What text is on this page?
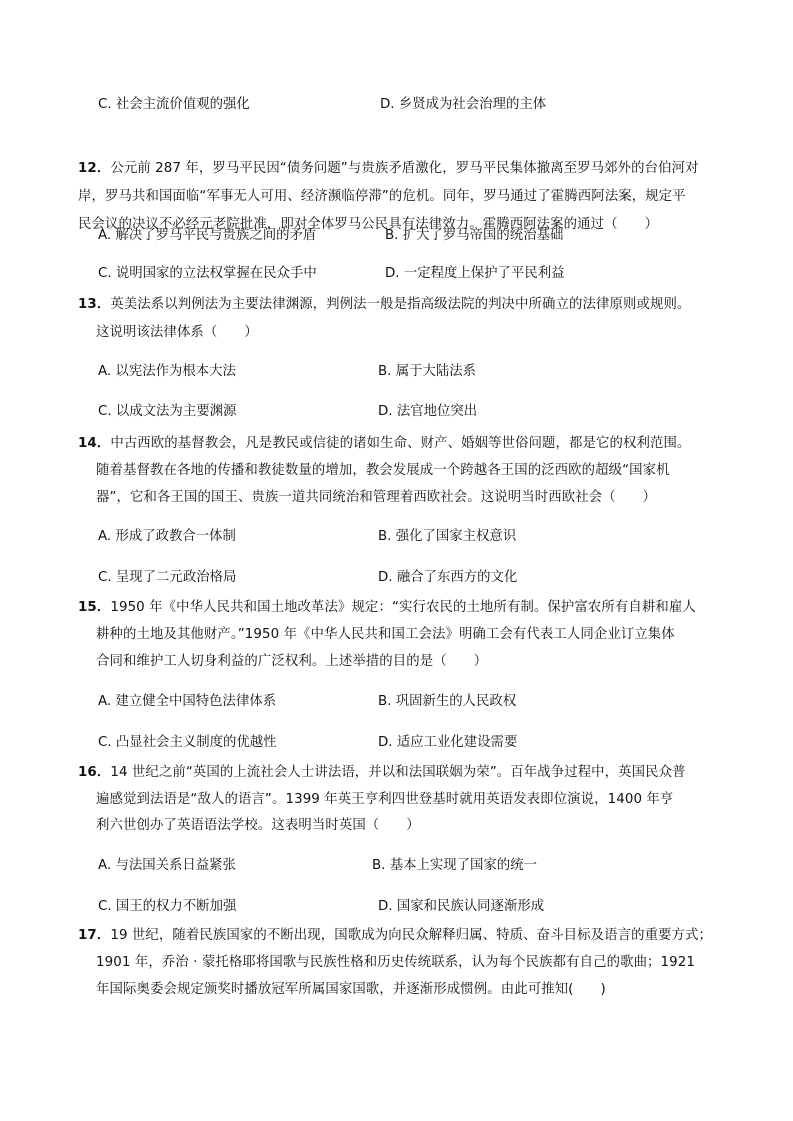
C. 社会主流价值观的强化	D. 乡贤成为社会治理的主体
12．公元前 287 年，罗马平民因“债务问题”与贵族矛盾激化，罗马平民集体撤离至罗马郊外的台伯河对
岸，罗马共和国面临“军事无人可用、经济濒临停滞”的危机。同年，罗马通过了霍腾西阿法案，规定平
民会议的决议不必经元老院批准，即对全体罗马公民具有法律效力。霍腾西阿法案的通过（　　）
A. 解决了罗马平民与贵族之间的矛盾	B. 扩大了罗马帝国的统治基础
C. 说明国家的立法权掌握在民众手中	D. 一定程度上保护了平民利益
13．英美法系以判例法为主要法律渊源，判例法一般是指高级法院的判决中所确立的法律原则或规则。
这说明该法律体系（　　）
A. 以宪法作为根本大法	B. 属于大陆法系
C. 以成文法为主要渊源	D. 法官地位突出
14．中古西欧的基督教会，凡是教民或信徒的诸如生命、财产、婚姻等世俗问题，都是它的权利范围。
随着基督教在各地的传播和教徒数量的增加，教会发展成一个跨越各王国的泛西欧的超级“国家机
器”，它和各王国的国王、贵族一道共同统治和管理着西欧社会。这说明当时西欧社会（　　）
A. 形成了政教合一体制	B. 强化了国家主权意识
C. 呈现了二元政治格局	D. 融合了东西方的文化
15．1950 年《中华人民共和国土地改革法》规定：“实行农民的土地所有制。保护富农所有自耕和雇人
耕种的土地及其他财产。”1950 年《中华人民共和国工会法》明确工会有代表工人同企业订立集体
合同和维护工人切身利益的广泛权利。上述举措的目的是（　　）
A. 建立健全中国特色法律体系	B. 巩固新生的人民政权
C. 凸显社会主义制度的优越性	D. 适应工业化建设需要
16．14 世纪之前“英国的上流社会人士讲法语，并以和法国联姻为荣”。百年战争过程中，英国民众普
遍感觉到法语是“敌人的语言”。1399 年英王亨利四世登基时就用英语发表即位演说，1400 年亨
利六世创办了英语语法学校。这表明当时英国（　　）
A. 与法国关系日益紧张	B. 基本上实现了国家的统一
C. 国王的权力不断加强	D. 国家和民族认同逐渐形成
17．19 世纪，随着民族国家的不断出现，国歌成为向民众解释归属、特质、奋斗目标及语言的重要方式；
1901 年，乔治 · 蒙托格耶将国歌与民族性格和历史传统联系，认为每个民族都有自己的歌曲；1921
年国际奥委会规定颁奖时播放冠军所属国家国歌，并逐渐形成惯例。由此可推知(　　)
